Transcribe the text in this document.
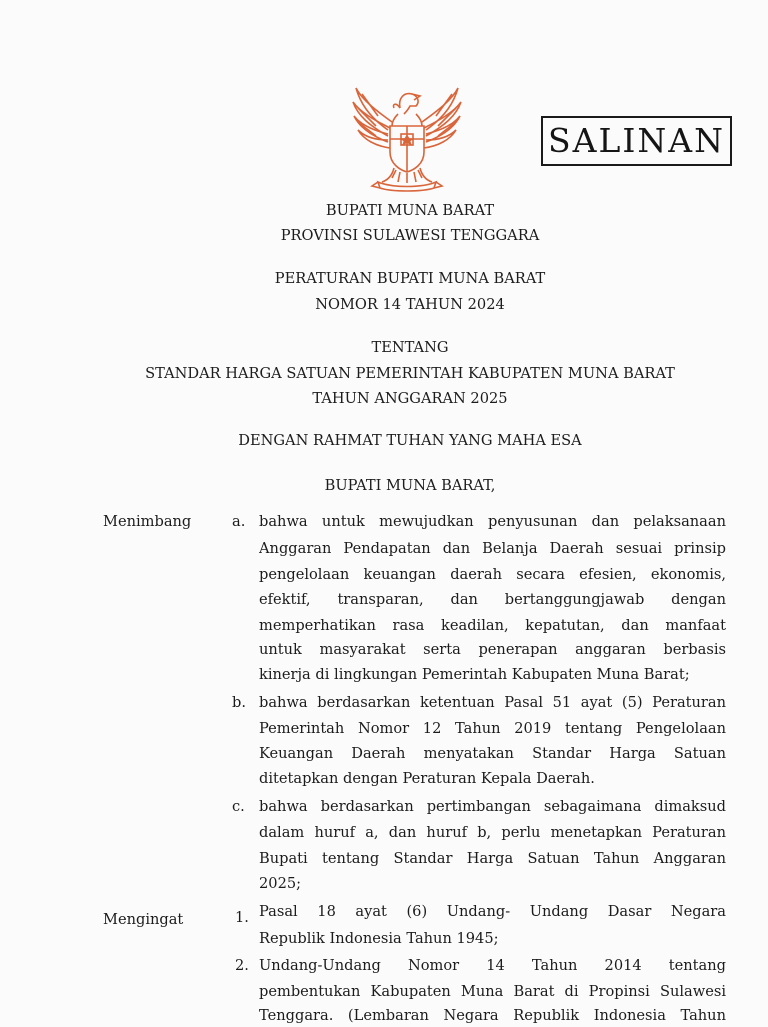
SALINAN
BUPATI MUNA BARAT
PROVINSI SULAWESI TENGGARA
PERATURAN BUPATI MUNA BARAT
NOMOR 14 TAHUN 2024
TENTANG
STANDAR HARGA SATUAN PEMERINTAH KABUPATEN MUNA BARAT
TAHUN ANGGARAN 2025
DENGAN RAHMAT TUHAN YANG MAHA ESA
BUPATI MUNA BARAT,
Menimbang	a. bahwa untuk mewujudkan penyusunan dan pelaksanaan
Anggaran Pendapatan dan Belanja Daerah sesuai prinsip
pengelolaan keuangan daerah secara efesien, ekonomis,
efektif, transparan, dan bertanggungjawab dengan
memperhatikan rasa keadilan, kepatutan, dan manfaat
untuk masyarakat serta penerapan anggaran berbasis
kinerja di lingkungan Pemerintah Kabupaten Muna Barat;
b. bahwa berdasarkan ketentuan Pasal 51 ayat (5) Peraturan
Pemerintah Nomor 12 Tahun 2019 tentang Pengelolaan
Keuangan Daerah menyatakan Standar Harga Satuan
ditetapkan dengan Peraturan Kepala Daerah.
c. bahwa berdasarkan pertimbangan sebagaimana dimaksud
dalam huruf a, dan huruf b, perlu menetapkan Peraturan
Bupati tentang Standar Harga Satuan Tahun Anggaran
2025;
Mengingat	1. Pasal 18 ayat (6) Undang- Undang Dasar Negara
Republik Indonesia Tahun 1945;
2. Undang-Undang Nomor 14 Tahun 2014 tentang
pembentukan Kabupaten Muna Barat di Propinsi Sulawesi
Tenggara. (Lembaran Negara Republik Indonesia Tahun
